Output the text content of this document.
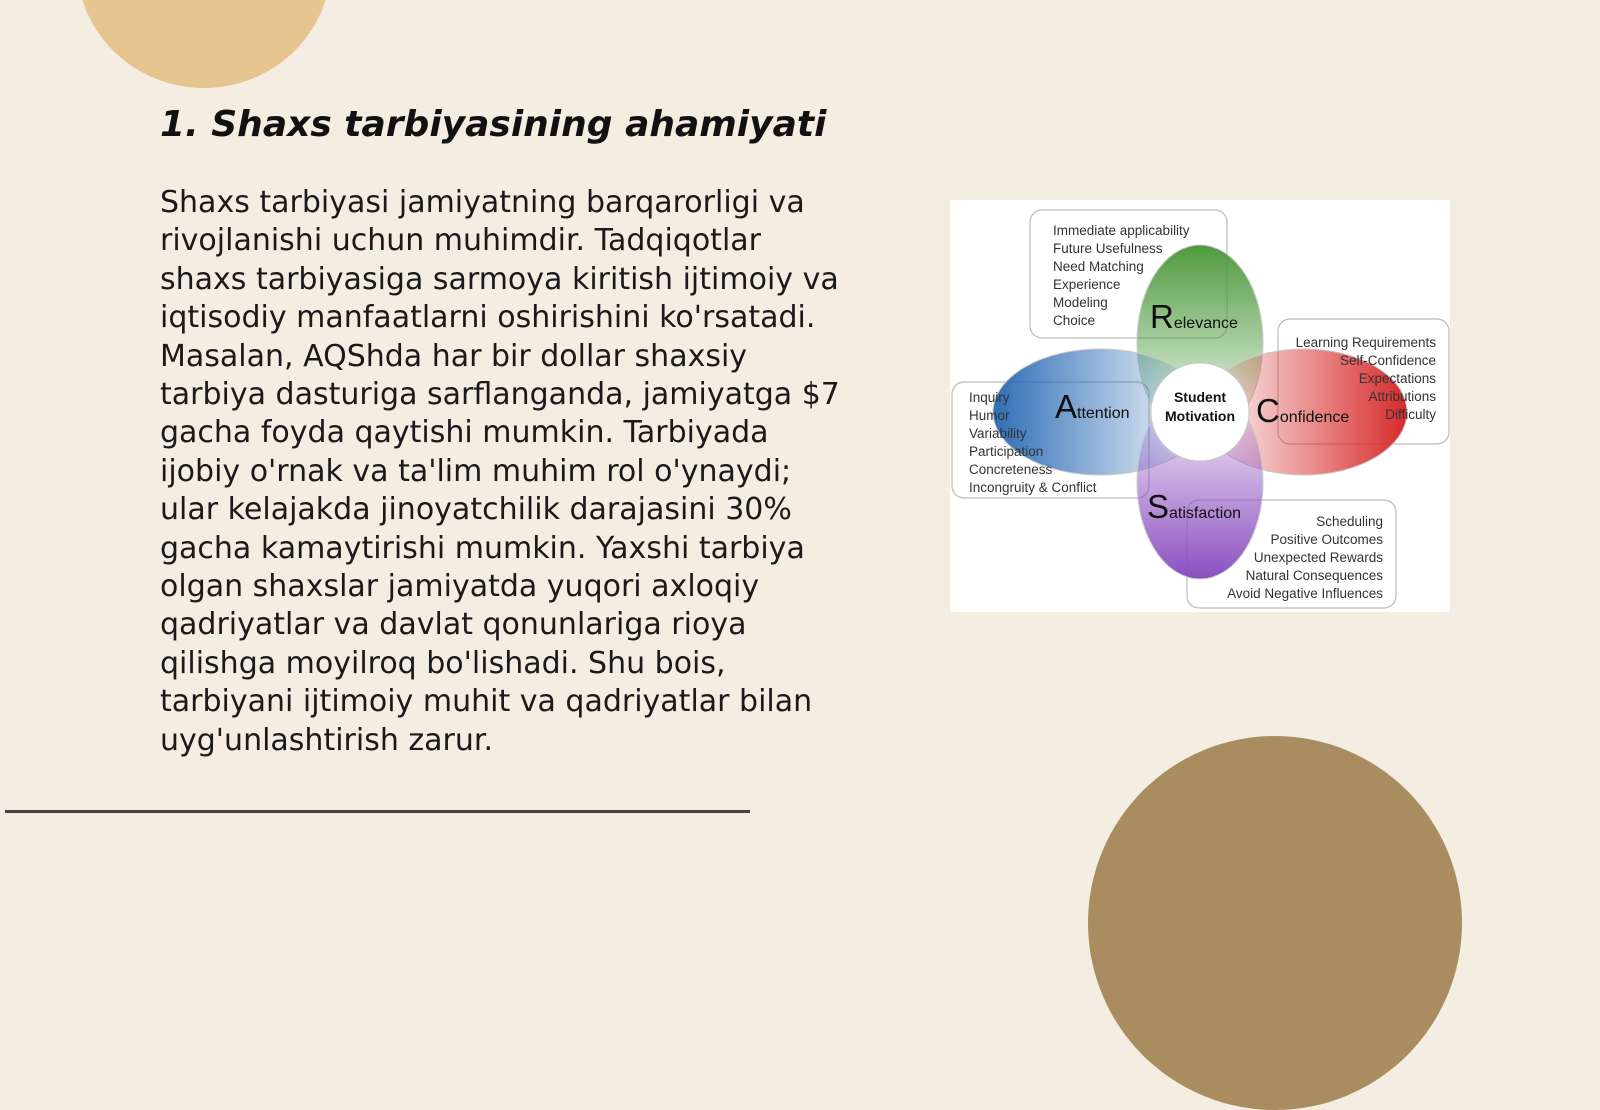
1. Shaxs tarbiyasining ahamiyati

Shaxs tarbiyasi jamiyatning barqarorligi va rivojlanishi uchun muhimdir. Tadqiqotlar shaxs tarbiyasiga sarmoya kiritish ijtimoiy va iqtisodiy manfaatlarni oshirishini ko'rsatadi. Masalan, AQShda har bir dollar shaxsiy tarbiya dasturiga sarflanganda, jamiyatga $7 gacha foyda qaytishi mumkin. Tarbiyada ijobiy o'rnak va ta'lim muhim rol o'ynaydi; ular kelajakda jinoyatchilik darajasini 30% gacha kamaytirishi mumkin. Yaxshi tarbiya olgan shaxslar jamiyatda yuqori axloqiy qadriyatlar va davlat qonunlariga rioya qilishga moyilroq bo'lishadi. Shu bois, tarbiyani ijtimoiy muhit va qadriyatlar bilan uyg'unlashtirish zarur.

Student
Motivation
Relevance
Attention	Confidence
Satisfaction
Immediate applicability
Future Usefulness
Need Matching
Experience
Modeling
Choice
Learning Requirements
Self-Confidence
Expectations
Attributions
Difficulty
Inquiry
Humor
Variability
Participation
Concreteness
Incongruity & Conflict
Scheduling
Positive Outcomes
Unexpected Rewards
Natural Consequences
Avoid Negative Influences
